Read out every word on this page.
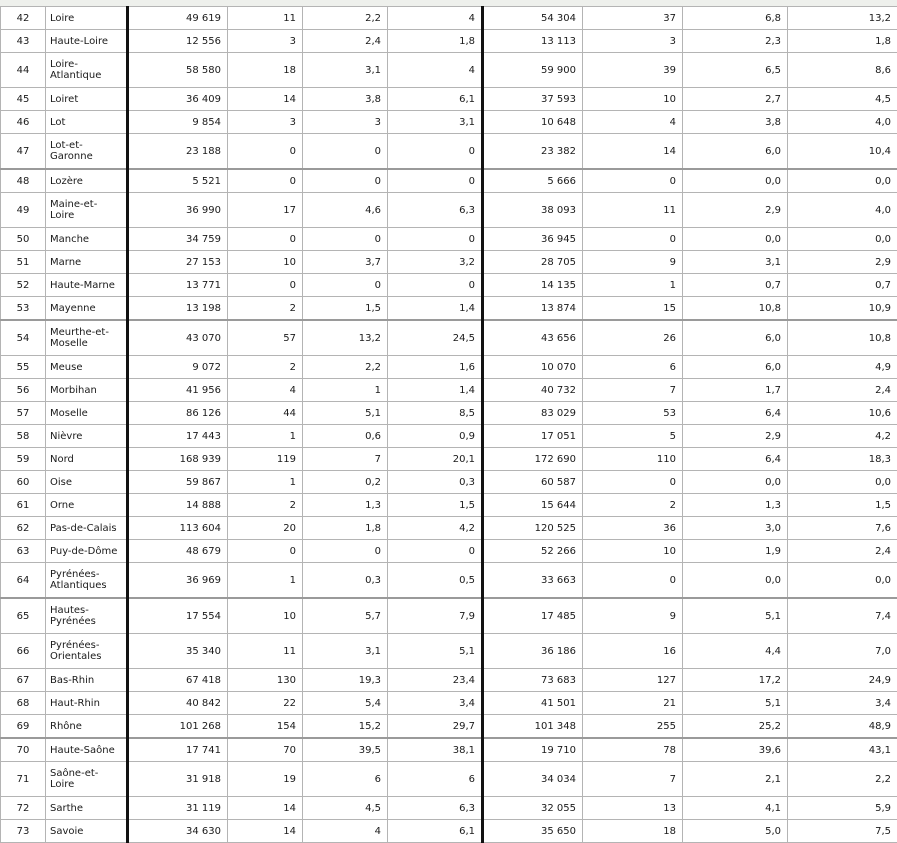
42	Loire	49 619	11	2,2	4	54 304	37	6,8	13,2
43	Haute-Loire	12 556	3	2,4	1,8	13 113	3	2,3	1,8
44	Loire-Atlantique	58 580	18	3,1	4	59 900	39	6,5	8,6
45	Loiret	36 409	14	3,8	6,1	37 593	10	2,7	4,5
46	Lot	9 854	3	3	3,1	10 648	4	3,8	4,0
47	Lot-et-Garonne	23 188	0	0	0	23 382	14	6,0	10,4
48	Lozère	5 521	0	0	0	5 666	0	0,0	0,0
49	Maine-et-Loire	36 990	17	4,6	6,3	38 093	11	2,9	4,0
50	Manche	34 759	0	0	0	36 945	0	0,0	0,0
51	Marne	27 153	10	3,7	3,2	28 705	9	3,1	2,9
52	Haute-Marne	13 771	0	0	0	14 135	1	0,7	0,7
53	Mayenne	13 198	2	1,5	1,4	13 874	15	10,8	10,9
54	Meurthe-et-Moselle	43 070	57	13,2	24,5	43 656	26	6,0	10,8
55	Meuse	9 072	2	2,2	1,6	10 070	6	6,0	4,9
56	Morbihan	41 956	4	1	1,4	40 732	7	1,7	2,4
57	Moselle	86 126	44	5,1	8,5	83 029	53	6,4	10,6
58	Nièvre	17 443	1	0,6	0,9	17 051	5	2,9	4,2
59	Nord	168 939	119	7	20,1	172 690	110	6,4	18,3
60	Oise	59 867	1	0,2	0,3	60 587	0	0,0	0,0
61	Orne	14 888	2	1,3	1,5	15 644	2	1,3	1,5
62	Pas-de-Calais	113 604	20	1,8	4,2	120 525	36	3,0	7,6
63	Puy-de-Dôme	48 679	0	0	0	52 266	10	1,9	2,4
64	Pyrénées-Atlantiques	36 969	1	0,3	0,5	33 663	0	0,0	0,0
65	Hautes-Pyrénées	17 554	10	5,7	7,9	17 485	9	5,1	7,4
66	Pyrénées-Orientales	35 340	11	3,1	5,1	36 186	16	4,4	7,0
67	Bas-Rhin	67 418	130	19,3	23,4	73 683	127	17,2	24,9
68	Haut-Rhin	40 842	22	5,4	3,4	41 501	21	5,1	3,4
69	Rhône	101 268	154	15,2	29,7	101 348	255	25,2	48,9
70	Haute-Saône	17 741	70	39,5	38,1	19 710	78	39,6	43,1
71	Saône-et-Loire	31 918	19	6	6	34 034	7	2,1	2,2
72	Sarthe	31 119	14	4,5	6,3	32 055	13	4,1	5,9
73	Savoie	34 630	14	4	6,1	35 650	18	5,0	7,5
